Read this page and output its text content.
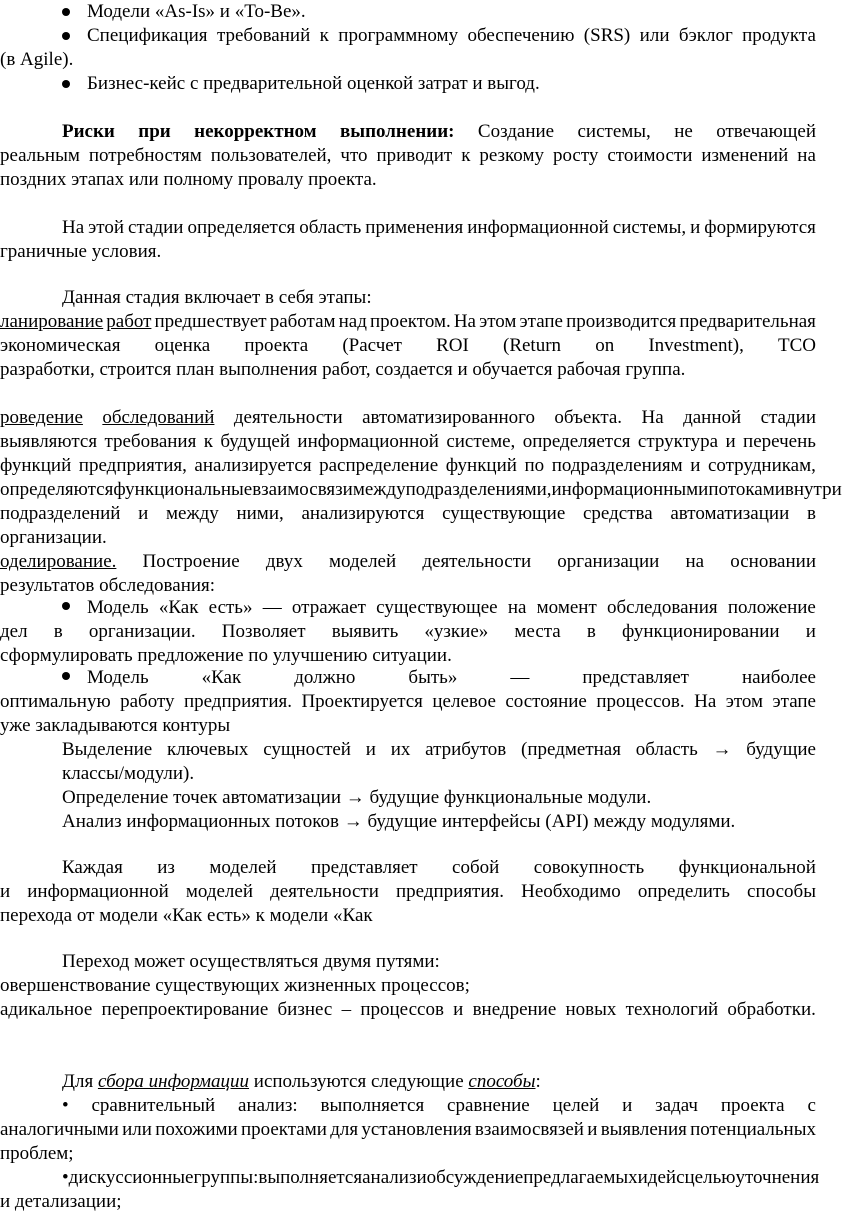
Модели «As-Is» и «To-Be».
Спецификация требований к программному обеспечению (SRS) или бэклог продукта
(в Agile).
Бизнес-кейс с предварительной оценкой затрат и выгод.
Риски при некорректном выполнении: Создание системы, не отвечающей
реальным потребностям пользователей, что приводит к резкому росту стоимости изменений на
поздних этапах или полному провалу проекта.
На этой стадии определяется область применения информационной системы, и формируются
граничные условия.
Данная стадия включает в себя этапы:
ланирование работ предшествует работам над проектом. На этом этапе производится предварительная
экономическая оценка проекта (Расчет ROI (Return on Investment), TCO
разработки, строится план выполнения работ, создается и обучается рабочая группа.
роведение обследований деятельности автоматизированного объекта. На данной стадии
выявляются требования к будущей информационной системе, определяется структура и перечень
функций предприятия, анализируется распределение функций по подразделениям и сотрудникам,
определяются функциональные взаимосвязи между подразделениями, информационными потоками внутри
подразделений и между ними, анализируются существующие средства автоматизации в
организации.
оделирование. Построение двух моделей деятельности организации на основании
результатов обследования:
Модель «Как есть» — отражает существующее на момент обследования положение
дел в организации. Позволяет выявить «узкие» места в функционировании и
сформулировать предложение по улучшению ситуации.
Модель	«Как	должно	быть»	—	представляет	наиболее
оптимальную работу предприятия. Проектируется целевое состояние процессов. На этом этапе
уже закладываются контуры
Выделение ключевых сущностей и их атрибутов (предметная область → будущие
классы/модули).
Определение точек автоматизации → будущие функциональные модули.
Анализ информационных потоков → будущие интерфейсы (API) между модулями.
Каждая из моделей представляет собой совокупность функциональной
и информационной моделей деятельности предприятия. Необходимо определить способы
перехода от модели «Как есть» к модели «Как
Переход может осуществляться двумя путями:
овершенствование существующих жизненных процессов;
адикальное перепроектирование бизнес – процессов и внедрение новых технологий обработки.
Для сбора информации используются следующие способы:
• сравнительный анализ: выполняется сравнение целей и задач проекта с
аналогичными или похожими проектами для установления взаимосвязей и выявления потенциальных
проблем;
• дискуссионные группы: выполняется анализ и обсуждение предлагаемых идей с целью уточнения
и детализации;
